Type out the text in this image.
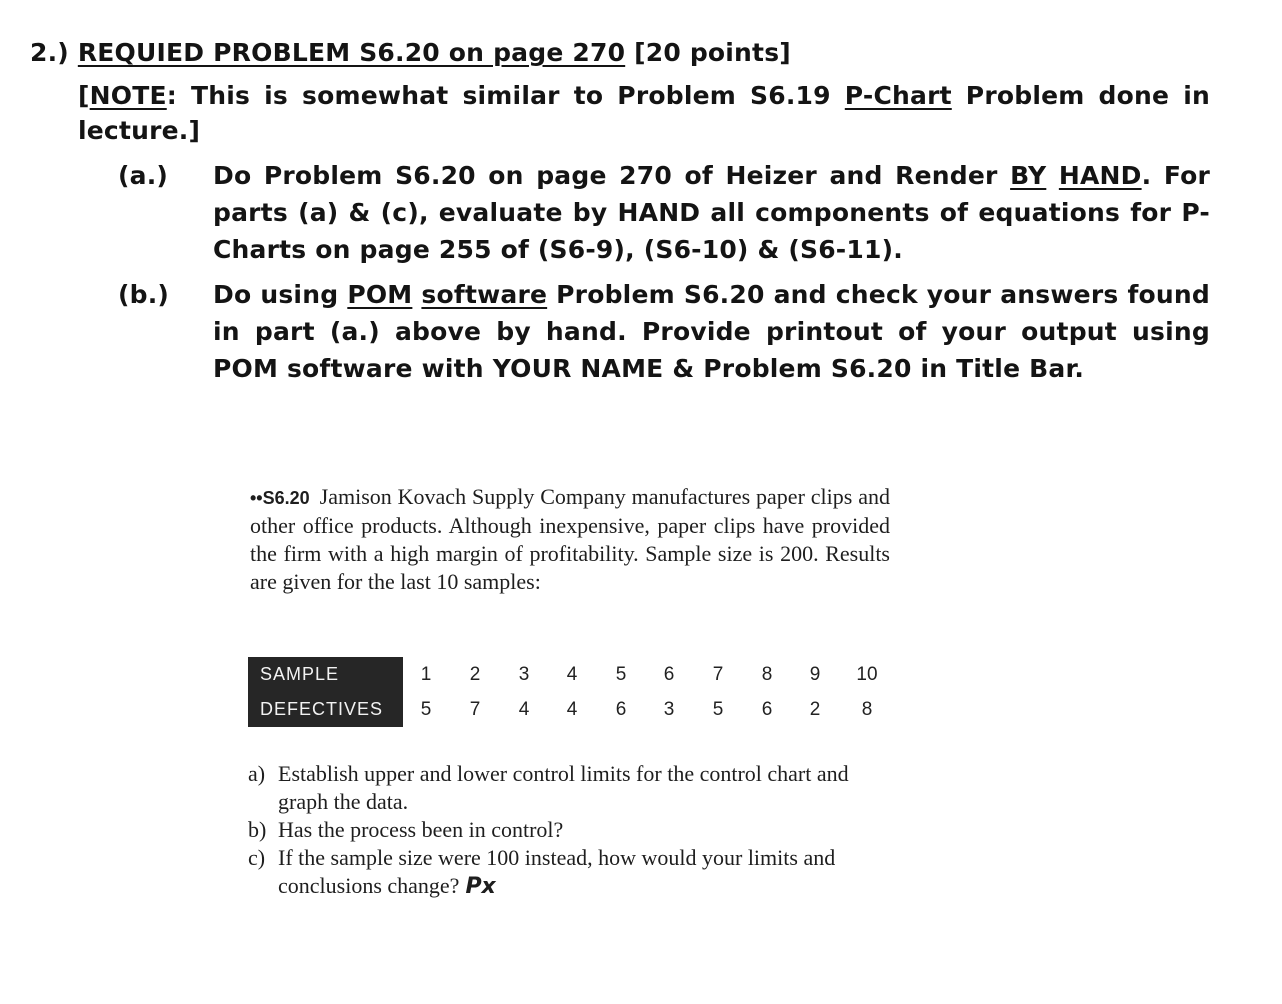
2.) REQUIED PROBLEM S6.20 on page 270 [20 points]
[NOTE: This is somewhat similar to Problem S6.19 P-Chart Problem done in lecture.]
(a.) Do Problem S6.20 on page 270 of Heizer and Render BY HAND. For parts (a) & (c), evaluate by HAND all components of equations for P-Charts on page 255 of (S6-9), (S6-10) & (S6-11).
(b.) Do using POM software Problem S6.20 and check your answers found in part (a.) above by hand. Provide printout of your output using POM software with YOUR NAME & Problem S6.20 in Title Bar.
••S6.20 Jamison Kovach Supply Company manufactures paper clips and other office products. Although inexpensive, paper clips have provided the firm with a high margin of profitability. Sample size is 200. Results are given for the last 10 samples:
SAMPLE	1	2	3	4	5	6	7	8	9	10
DEFECTIVES	5	7	4	4	6	3	5	6	2	8
a) Establish upper and lower control limits for the control chart and graph the data.
b) Has the process been in control?
c) If the sample size were 100 instead, how would your limits and conclusions change? Px
